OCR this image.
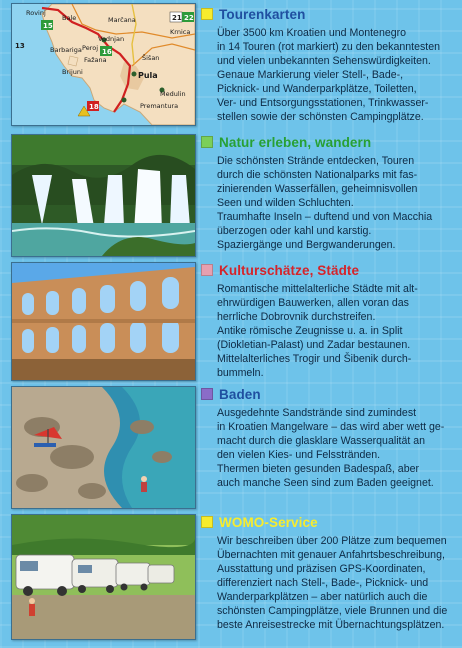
Rovinj
Bale	Marčana
Vodnjan
Peroj
Fažana
Brijuni	Pula
Šišan
Premantura
Medulin
Barbariga
Krnica
15
16
18
21 22
13
Tourenkarten
Über 3500 km Kroatien und Montenegro
in 14 Touren (rot markiert) zu den bekanntesten
und vielen unbekannten Sehenswürdigkeiten.
Genaue Markierung vieler Stell-, Bade-,
Picknick- und Wanderparkplätze, Toiletten,
Ver- und Entsorgungsstationen, Trinkwasser-
stellen sowie der schönsten Campingplätze.
Natur erleben, wandern
Die schönsten Strände entdecken, Touren
durch die schönsten Nationalparks mit fas-
zinierenden Wasserfällen, geheimnisvollen
Seen und wilden Schluchten.
Traumhafte Inseln – duftend und von Macchia
überzogen oder kahl und karstig.
Spaziergänge und Bergwanderungen.
Kulturschätze, Städte
Romantische mittelalterliche Städte mit alt-
ehrwürdigen Bauwerken, allen voran das
herrliche Dobrovnik durchstreifen.
Antike römische Zeugnisse u. a. in Split
(Diokletian-Palast) und Zadar bestaunen.
Mittelalterliches Trogir und Šibenik durch-
bummeln.
Baden
Ausgedehnte Sandstrände sind zumindest
in Kroatien Mangelware – das wird aber wett ge-
macht durch die glasklare Wasserqualität an
den vielen Kies- und Felsstränden.
Thermen bieten gesunden Badespaß, aber
auch manche Seen sind zum Baden geeignet.
WOMO-Service
Wir beschreiben über 200 Plätze zum bequemen
Übernachten mit genauer Anfahrtsbeschreibung,
Ausstattung und präzisen GPS-Koordinaten,
differenziert nach Stell-, Bade-, Picknick- und
Wanderparkplätzen – aber natürlich auch die
schönsten Campingplätze, viele Brunnen und die
beste Anreisestrecke mit Übernachtungsplätzen.
